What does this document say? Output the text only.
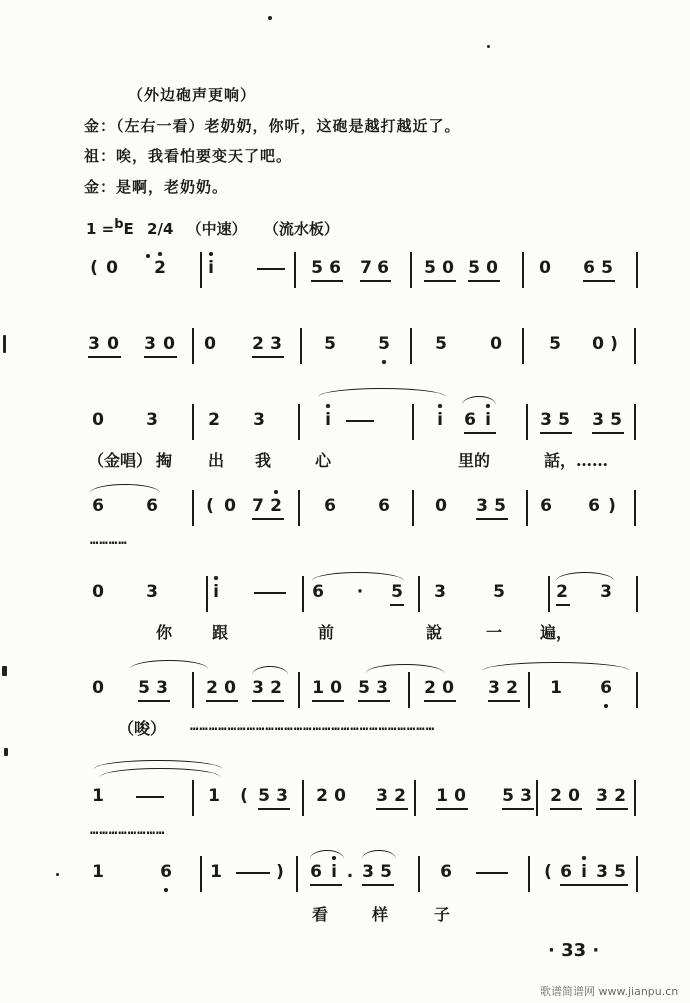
（外边砲声更响）
金：（左右一看）老奶奶，你听，这砲是越打越近了。
祖：唉，我看怕要变天了吧。
金：是啊，老奶奶。
1 =$^b$E 2/4 （中速） （流水板）
( 0 2 i	5 6 7 6 5 0 5 0 0 6 5
3 0 3 0 0 2 3 5 5	5	0	5 0 )
0 3	2 3	i	i 6 i	3 5 3 5
6 6	( 0 7 2 6 6	0 3 5 6 6 )
0 3	i	6 · 5 3	5	2 3
0 5 3 2 0 3 2 1 0 5 3 2 0 3 2 1 6
1	1 ( 5 3 2 0 3 2 1 0 5 3 2 0 3 2
1	6 1	) 6 i . 3 5	6	( 6 i 3 5
（金唱） 掏 出 我	心	里的	話，……
…………
你 跟	前	說	一 遍，
（唆） ……………………………………………………………………
……………………
看	样	子
· 33 ·
歌谱简谱网 www.jianpu.cn
